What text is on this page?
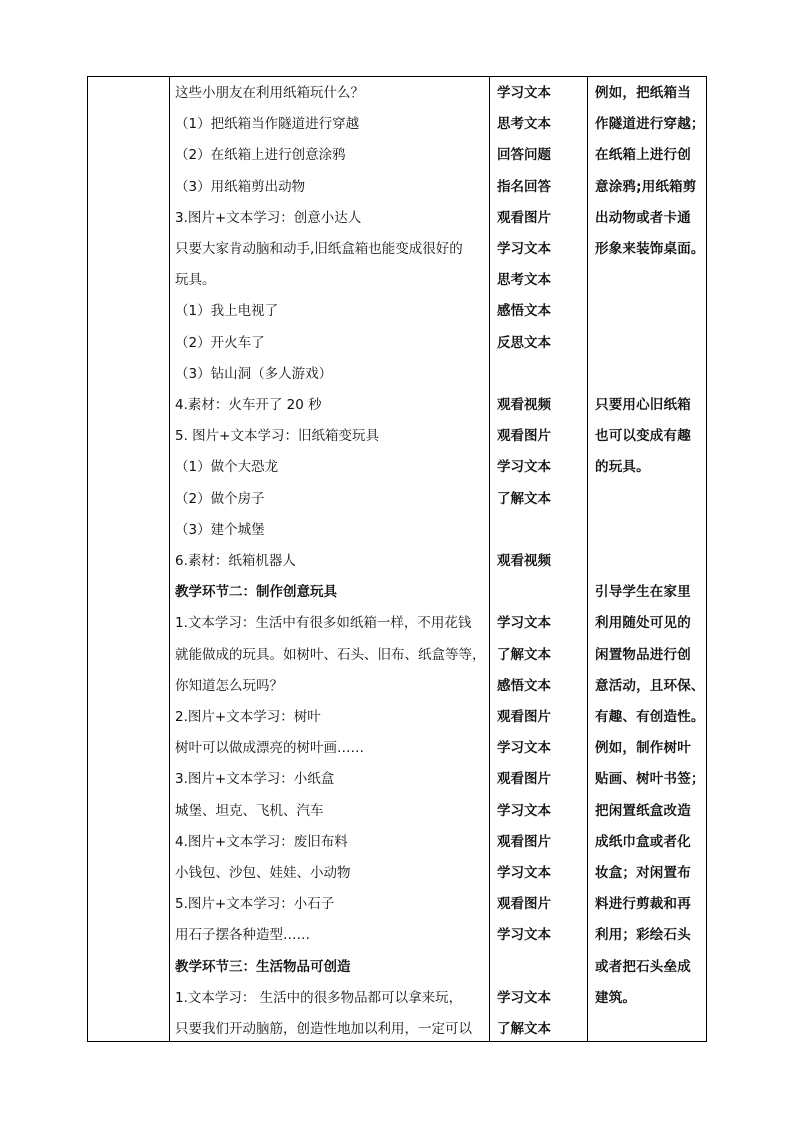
这些小朋友在利用纸箱玩什么？
（1）把纸箱当作隧道进行穿越
（2）在纸箱上进行创意涂鸦
（3）用纸箱剪出动物
3.图片+文本学习：创意小达人
只要大家肯动脑和动手,旧纸盒箱也能变成很好的
玩具。
（1）我上电视了
（2）开火车了
（3）钻山洞（多人游戏）
4.素材：火车开了 20 秒
5. 图片+文本学习：旧纸箱变玩具
（1）做个大恐龙
（2）做个房子
（3）建个城堡
6.素材：纸箱机器人
教学环节二：制作创意玩具
1.文本学习：生活中有很多如纸箱一样，不用花钱
就能做成的玩具。如树叶、石头、旧布、纸盒等等，
你知道怎么玩吗？
2.图片+文本学习：树叶
树叶可以做成漂亮的树叶画……
3.图片+文本学习：小纸盒
城堡、坦克、飞机、汽车
4.图片+文本学习：废旧布料
小钱包、沙包、娃娃、小动物
5.图片+文本学习：小石子
用石子摆各种造型……
教学环节三：生活物品可创造
1.文本学习： 生活中的很多物品都可以拿来玩，
只要我们开动脑筋，创造性地加以利用，一定可以
学习文本
思考文本
回答问题
指名回答
观看图片
学习文本
思考文本
感悟文本
反思文本
观看视频
观看图片
学习文本
了解文本
观看视频
学习文本
了解文本
感悟文本
观看图片
学习文本
观看图片
学习文本
观看图片
学习文本
观看图片
学习文本
学习文本
了解文本
例如，把纸箱当
作隧道进行穿越；
在纸箱上进行创
意涂鸦;用纸箱剪
出动物或者卡通
形象来装饰桌面。
只要用心旧纸箱
也可以变成有趣
的玩具。
引导学生在家里
利用随处可见的
闲置物品进行创
意活动，且环保、
有趣、有创造性。
例如，制作树叶
贴画、树叶书签；
把闲置纸盒改造
成纸巾盒或者化
妆盒；对闲置布
料进行剪裁和再
利用；彩绘石头
或者把石头垒成
建筑。
